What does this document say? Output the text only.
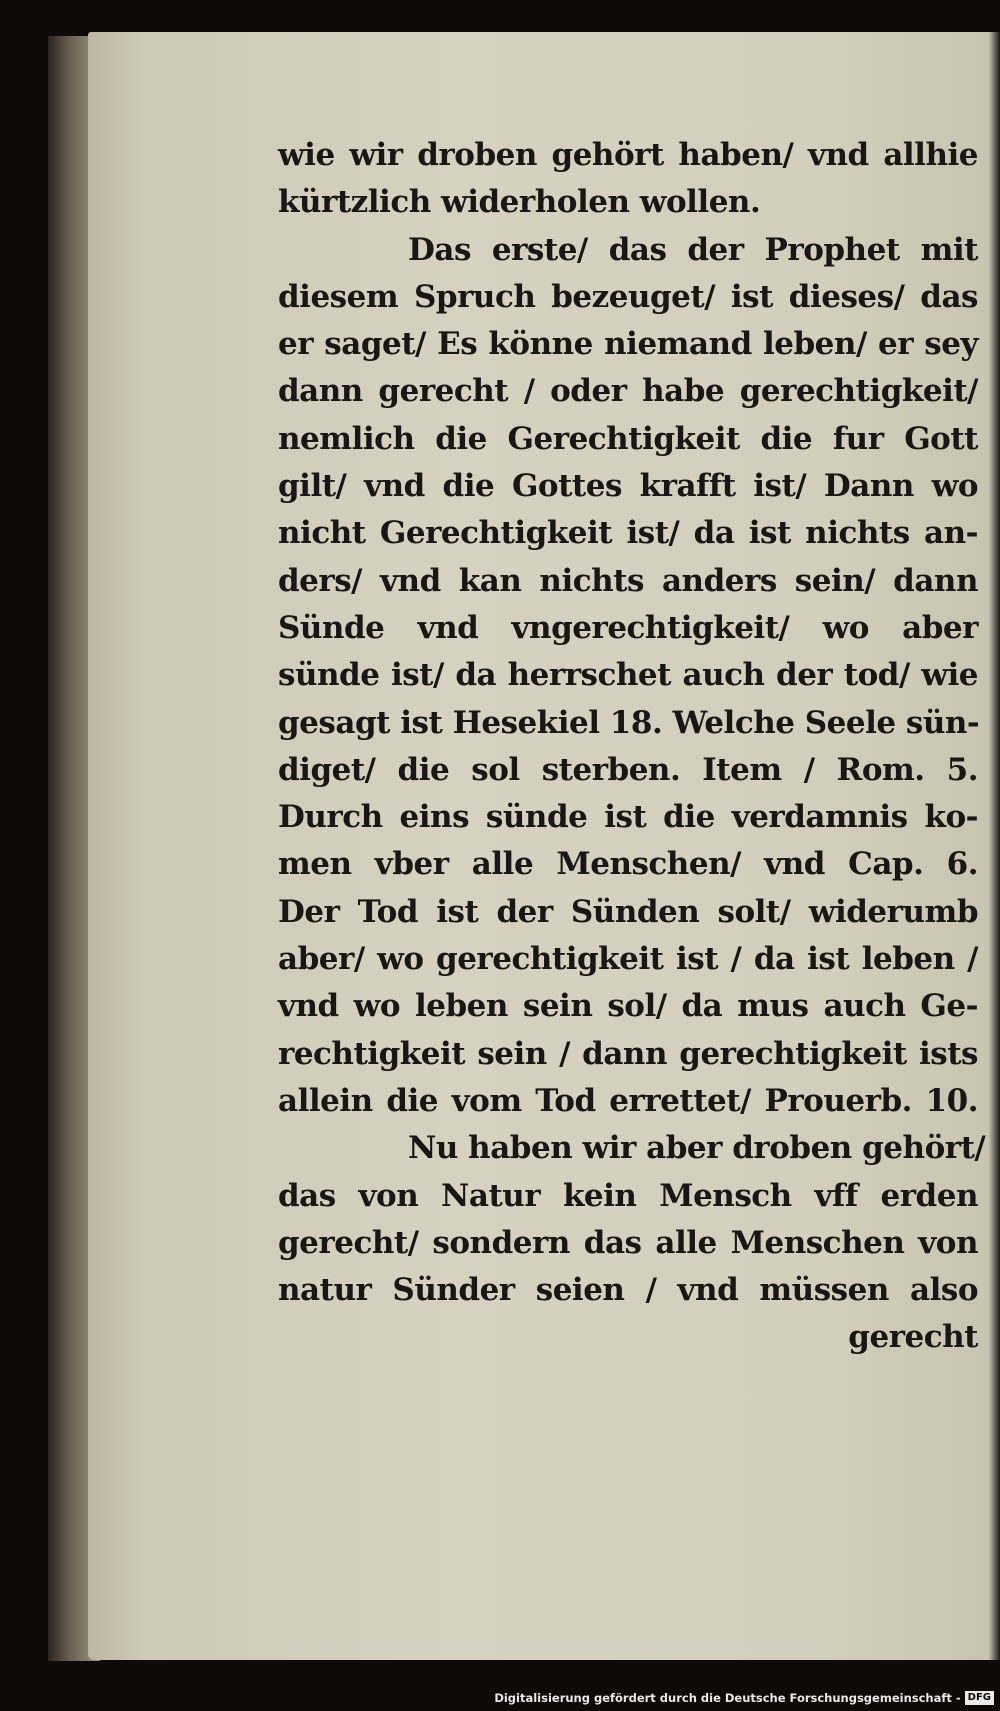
wie wir droben gehört haben/ vnd allhie
kürtzlich widerholen wollen.
Das erste/ das der Prophet mit
diesem Spruch bezeuget/ ist dieses/ das
er saget/ Es könne niemand leben/ er sey
dann gerecht / oder habe gerechtigkeit/
nemlich die Gerechtigkeit die fur Gott
gilt/ vnd die Gottes krafft ist/ Dann wo
nicht Gerechtigkeit ist/ da ist nichts an-
ders/ vnd kan nichts anders sein/ dann
Sünde vnd vngerechtigkeit/ wo aber
sünde ist/ da herrschet auch der tod/ wie
gesagt ist Hesekiel 18. Welche Seele sün-
diget/ die sol sterben. Item / Rom. 5.
Durch eins sünde ist die verdamnis ko-
men vber alle Menschen/ vnd Cap. 6.
Der Tod ist der Sünden solt/ widerumb
aber/ wo gerechtigkeit ist / da ist leben /
vnd wo leben sein sol/ da mus auch Ge-
rechtigkeit sein / dann gerechtigkeit ists
allein die vom Tod errettet/ Prouerb. 10.
Nu haben wir aber droben gehört/
das von Natur kein Mensch vff erden
gerecht/ sondern das alle Menschen von
natur Sünder seien / vnd müssen also
gerecht
Digitalisierung gefördert durch die Deutsche Forschungsgemeinschaft - DFG
